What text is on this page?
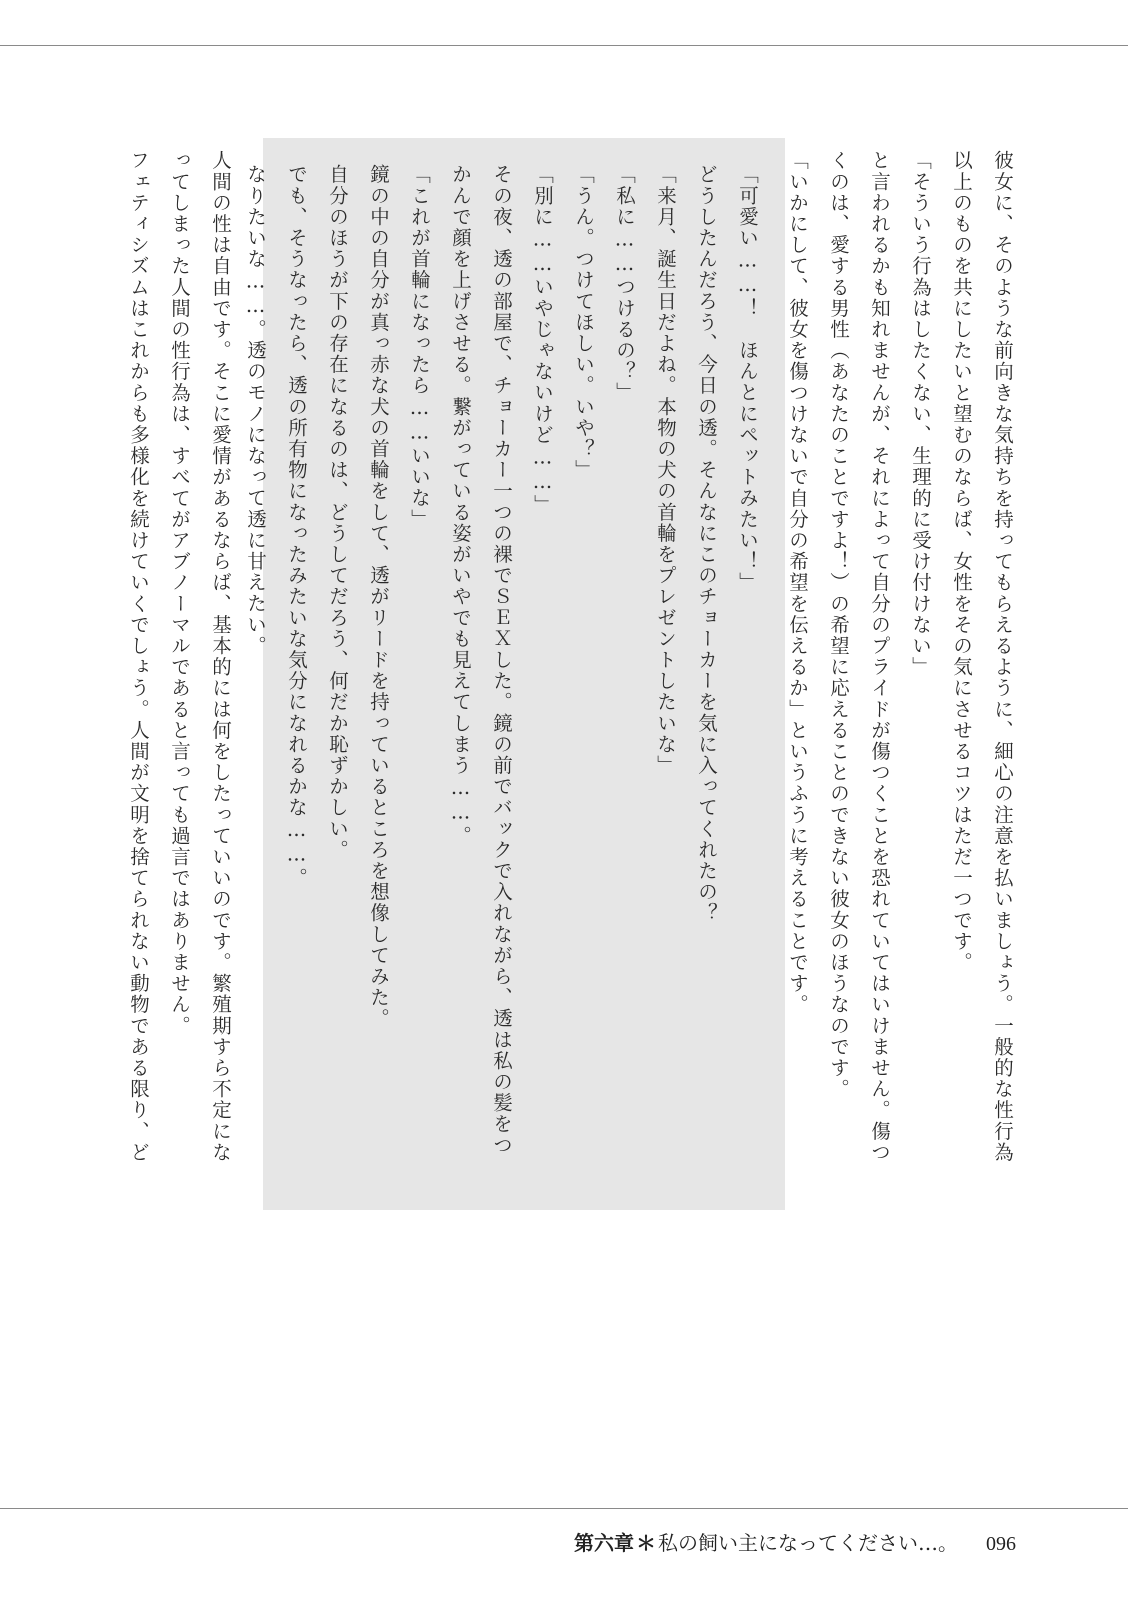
彼女に、そのような前向きな気持ちを持ってもらえるように、細心の注意を払いましょう。一般的な性行為

以上のものを共にしたいと望むのならば、女性をその気にさせるコツはただ一つです。

「そういう行為はしたくない、生理的に受け付けない」

と言われるかも知れませんが、それによって自分のプライドが傷つくことを恐れていてはいけません。傷つ

くのは、愛する男性（あなたのことですよ！）の希望に応えることのできない彼女のほうなのです。

「いかにして、彼女を傷つけないで自分の希望を伝えるか」というふうに考えることです。

「可愛い……！　ほんとにペットみたい！」

どうしたんだろう、今日の透。そんなにこのチョーカーを気に入ってくれたの？

「来月、誕生日だよね。本物の犬の首輪をプレゼントしたいな」

「私に……つけるの？」

「うん。つけてほしい。いや？」

「別に……いやじゃないけど……」

その夜、透の部屋で、チョーカー一つの裸でＳＥＸした。鏡の前でバックで入れながら、透は私の髪をつ

かんで顔を上げさせる。繋がっている姿がいやでも見えてしまう……。

「これが首輪になったら……いいな」

鏡の中の自分が真っ赤な犬の首輪をして、透がリードを持っているところを想像してみた。

自分のほうが下の存在になるのは、どうしてだろう、何だか恥ずかしい。

でも、そうなったら、透の所有物になったみたいな気分になれるかな……。

なりたいな……。透のモノになって透に甘えたい。

人間の性は自由です。そこに愛情があるならば、基本的には何をしたっていいのです。繁殖期すら不定にな

ってしまった人間の性行為は、すべてがアブノーマルであると言っても過言ではありません。

フェティシズムはこれからも多様化を続けていくでしょう。人間が文明を捨てられない動物である限り、ど

第六章 ＊ 私の飼い主になってください…。 096
